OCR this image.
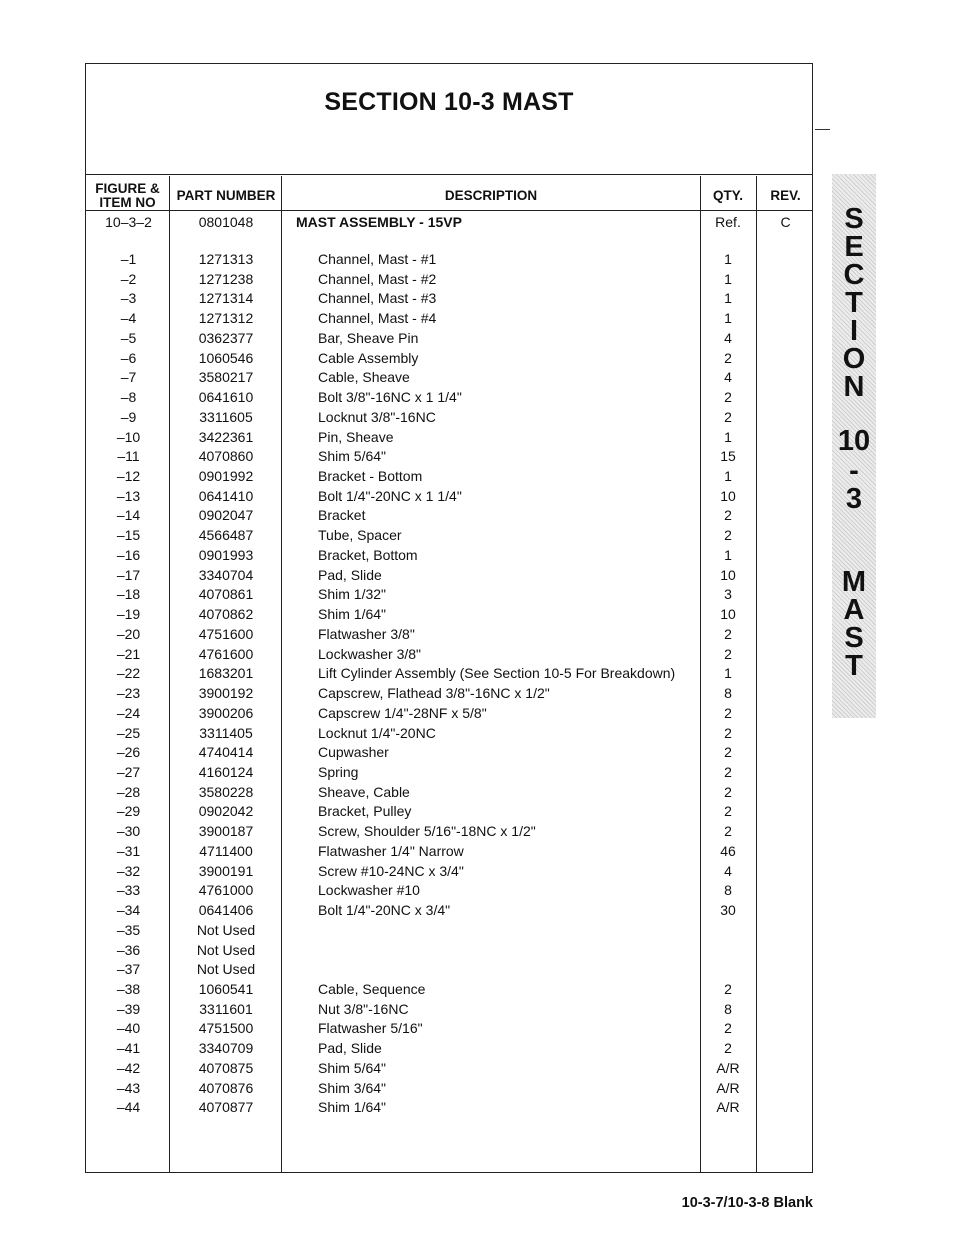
SECTION 10-3 MAST
FIGURE &
ITEM NO	PART NUMBER	DESCRIPTION	QTY.	REV.
10–3–2	0801048	MAST ASSEMBLY - 15VP	Ref.	C
–1	1271313	Channel, Mast - #1	1
–2	1271238	Channel, Mast - #2	1
–3	1271314	Channel, Mast - #3	1
–4	1271312	Channel, Mast - #4	1
–5	0362377	Bar, Sheave Pin	4
–6	1060546	Cable Assembly	2
–7	3580217	Cable, Sheave	4
–8	0641610	Bolt 3/8"-16NC x 1 1/4"	2
–9	3311605	Locknut 3/8"-16NC	2
–10	3422361	Pin, Sheave	1
–11	4070860	Shim 5/64"	15
–12	0901992	Bracket - Bottom	1
–13	0641410	Bolt 1/4"-20NC x 1 1/4"	10
–14	0902047	Bracket	2
–15	4566487	Tube, Spacer	2
–16	0901993	Bracket, Bottom	1
–17	3340704	Pad, Slide	10
–18	4070861	Shim 1/32"	3
–19	4070862	Shim 1/64"	10
–20	4751600	Flatwasher 3/8"	2
–21	4761600	Lockwasher 3/8"	2
–22	1683201	Lift Cylinder Assembly (See Section 10-5 For Breakdown)	1
–23	3900192	Capscrew, Flathead 3/8"-16NC x 1/2"	8
–24	3900206	Capscrew 1/4"-28NF x 5/8"	2
–25	3311405	Locknut 1/4"-20NC	2
–26	4740414	Cupwasher	2
–27	4160124	Spring	2
–28	3580228	Sheave, Cable	2
–29	0902042	Bracket, Pulley	2
–30	3900187	Screw, Shoulder 5/16"-18NC x 1/2"	2
–31	4711400	Flatwasher 1/4" Narrow	46
–32	3900191	Screw #10-24NC x 3/4"	4
–33	4761000	Lockwasher #10	8
–34	0641406	Bolt 1/4"-20NC x 3/4"	30
–35	Not Used
–36	Not Used
–37	Not Used
–38	1060541	Cable, Sequence	2
–39	3311601	Nut 3/8"-16NC	8
–40	4751500	Flatwasher 5/16"	2
–41	3340709	Pad, Slide	2
–42	4070875	Shim 5/64"	A/R
–43	4070876	Shim 3/64"	A/R
–44	4070877	Shim 1/64"	A/R
S
E
C
T
I
O
N
10
-
3
M
A
S
T
10-3-7/10-3-8 Blank
